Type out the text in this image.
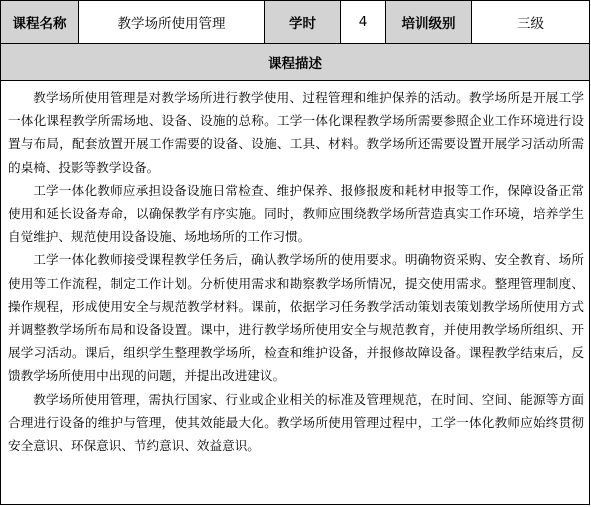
课程名称	教学场所使用管理	学时	4	培训级别	三级
课程描述

教学场所使用管理是对教学场所进行教学使用、过程管理和维护保养的活动。教学场所是开展工学一体化课程教学所需场地、设备、设施的总称。工学一体化课程教学场所需要参照企业工作环境进行设置与布局，配套放置开展工作需要的设备、设施、工具、材料。教学场所还需要设置开展学习活动所需的桌椅、投影等教学设备。

工学一体化教师应承担设备设施日常检查、维护保养、报修报废和耗材申报等工作，保障设备正常使用和延长设备寿命，以确保教学有序实施。同时，教师应围绕教学场所营造真实工作环境，培养学生自觉维护、规范使用设备设施、场地场所的工作习惯。

工学一体化教师接受课程教学任务后，确认教学场所的使用要求。明确物资采购、安全教育、场所使用等工作流程，制定工作计划。分析使用需求和勘察教学场所情况，提交使用需求。整理管理制度、操作规程，形成使用安全与规范教学材料。课前，依据学习任务教学活动策划表策划教学场所使用方式并调整教学场所布局和设备设置。课中，进行教学场所使用安全与规范教育，并使用教学场所组织、开展学习活动。课后，组织学生整理教学场所，检查和维护设备，并报修故障设备。课程教学结束后，反馈教学场所使用中出现的问题，并提出改进建议。

教学场所使用管理，需执行国家、行业或企业相关的标准及管理规范，在时间、空间、能源等方面合理进行设备的维护与管理，使其效能最大化。教学场所使用管理过程中，工学一体化教师应始终贯彻安全意识、环保意识、节约意识、效益意识。
